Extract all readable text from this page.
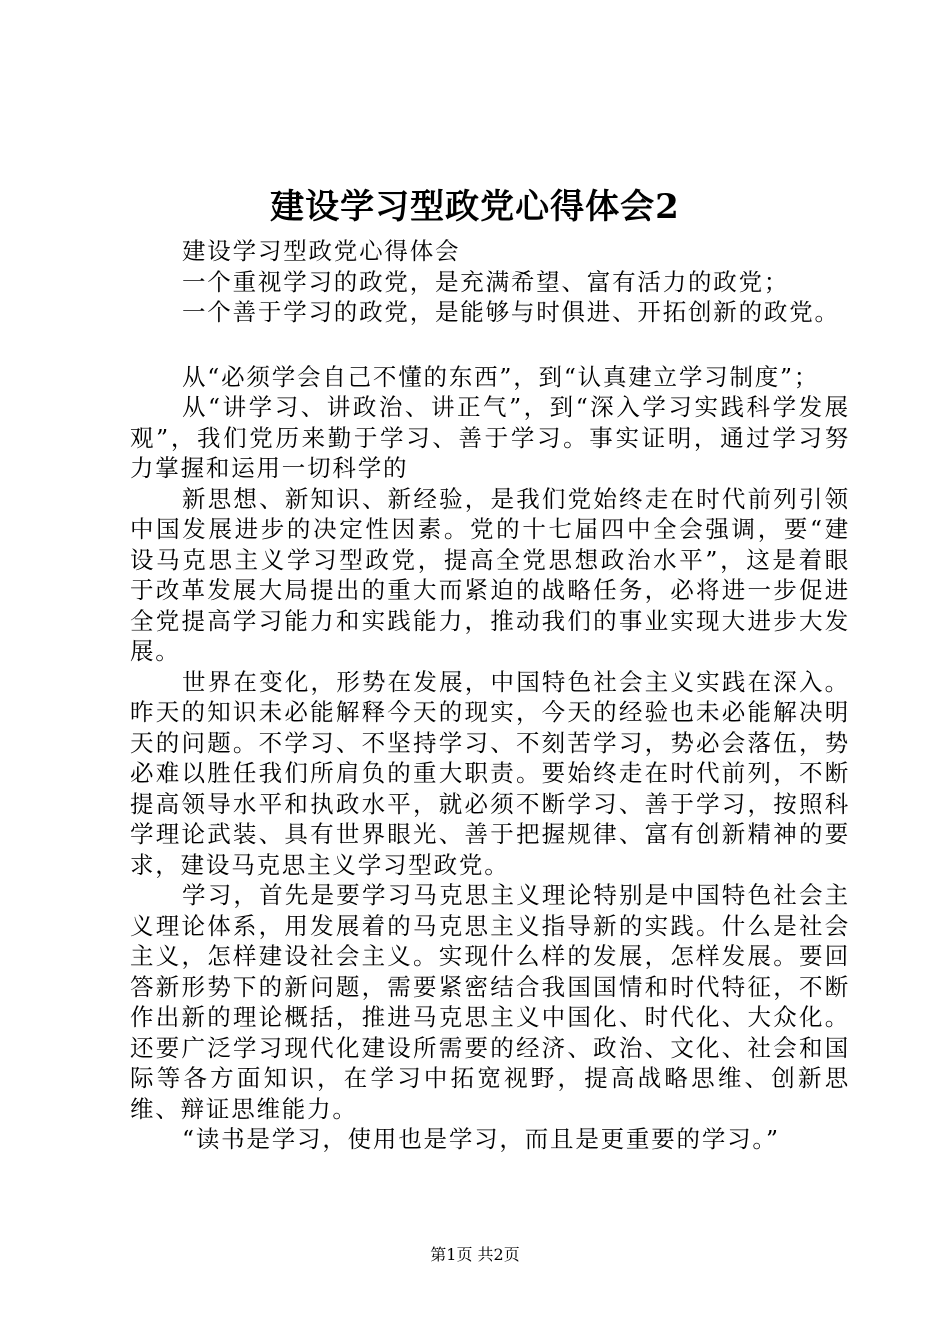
建设学习型政党心得体会2

建设学习型政党心得体会

一个重视学习的政党，是充满希望、富有活力的政党；

一个善于学习的政党，是能够与时俱进、开拓创新的政党。

从“必须学会自己不懂的东西”，到“认真建立学习制度”；

从“讲学习、讲政治、讲正气”，到“深入学习实践科学发展观”，我们党历来勤于学习、善于学习。事实证明，通过学习努力掌握和运用一切科学的

新思想、新知识、新经验，是我们党始终走在时代前列引领中国发展进步的决定性因素。党的十七届四中全会强调，要“建设马克思主义学习型政党，提高全党思想政治水平”，这是着眼于改革发展大局提出的重大而紧迫的战略任务，必将进一步促进全党提高学习能力和实践能力，推动我们的事业实现大进步大发展。

世界在变化，形势在发展，中国特色社会主义实践在深入。昨天的知识未必能解释今天的现实，今天的经验也未必能解决明天的问题。不学习、不坚持学习、不刻苦学习，势必会落伍，势必难以胜任我们所肩负的重大职责。要始终走在时代前列，不断提高领导水平和执政水平，就必须不断学习、善于学习，按照科学理论武装、具有世界眼光、善于把握规律、富有创新精神的要求，建设马克思主义学习型政党。

学习，首先是要学习马克思主义理论特别是中国特色社会主义理论体系，用发展着的马克思主义指导新的实践。什么是社会主义，怎样建设社会主义。实现什么样的发展，怎样发展。要回答新形势下的新问题，需要紧密结合我国国情和时代特征，不断作出新的理论概括，推进马克思主义中国化、时代化、大众化。还要广泛学习现代化建设所需要的经济、政治、文化、社会和国际等各方面知识，在学习中拓宽视野，提高战略思维、创新思维、辩证思维能力。

“读书是学习，使用也是学习，而且是更重要的学习。”

第1页 共2页
